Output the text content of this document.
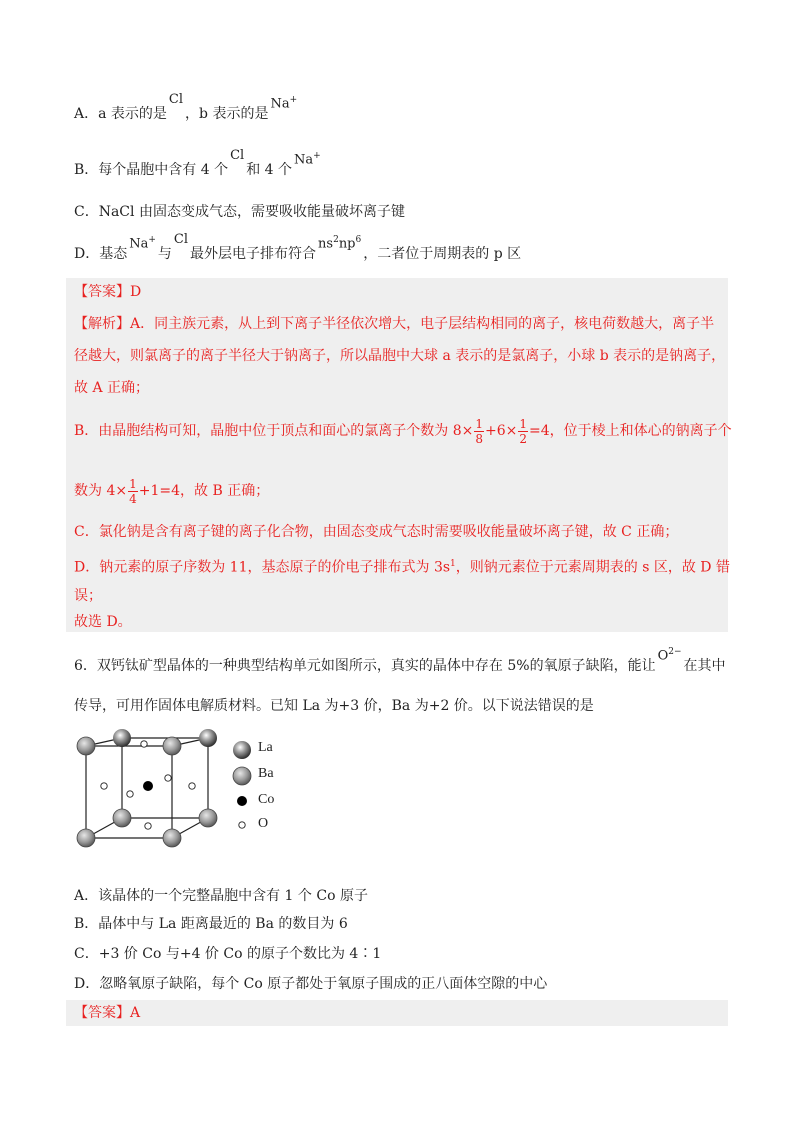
A．a 表示的是Cl，b 表示的是Na+
B．每个晶胞中含有 4 个Cl和 4 个Na+
C．NaCl 由固态变成气态，需要吸收能量破坏离子键
D．基态Na+与Cl最外层电子排布符合$ns^2np^6$，二者位于周期表的 p 区
【答案】D
【解析】A．同主族元素，从上到下离子半径依次增大，电子层结构相同的离子，核电荷数越大，离子半
径越大，则氯离子的离子半径大于钠离子，所以晶胞中大球 a 表示的是氯离子，小球 b 表示的是钠离子，
故 A 正确；
B．由晶胞结构可知，晶胞中位于顶点和面心的氯离子个数为 $8\times \frac{1}{8} +6\times \frac{1}{2} =4$，位于棱上和体心的钠离子个
数为 $4\times \frac{1}{4} +1=4$，故 B 正确；
C．氯化钠是含有离子键的离子化合物，由固态变成气态时需要吸收能量破坏离子键，故 C 正确；
D．钠元素的原子序数为 11，基态原子的价电子排布式为 $3s^1$，则钠元素位于元素周期表的 s 区，故 D 错
误；
故选 D。
6．双钙钛矿型晶体的一种典型结构单元如图所示，真实的晶体中存在 5%的氧原子缺陷，能让$O^{2-}$在其中
传导，可用作固体电解质材料。已知 La 为+3 价，Ba 为+2 价。以下说法错误的是
La
Ba
Co
O
A．该晶体的一个完整晶胞中含有 1 个 Co 原子
B．晶体中与 La 距离最近的 Ba 的数目为 6
C．+3 价 Co 与+4 价 Co 的原子个数比为 4∶1
D．忽略氧原子缺陷，每个 Co 原子都处于氧原子围成的正八面体空隙的中心
【答案】A
